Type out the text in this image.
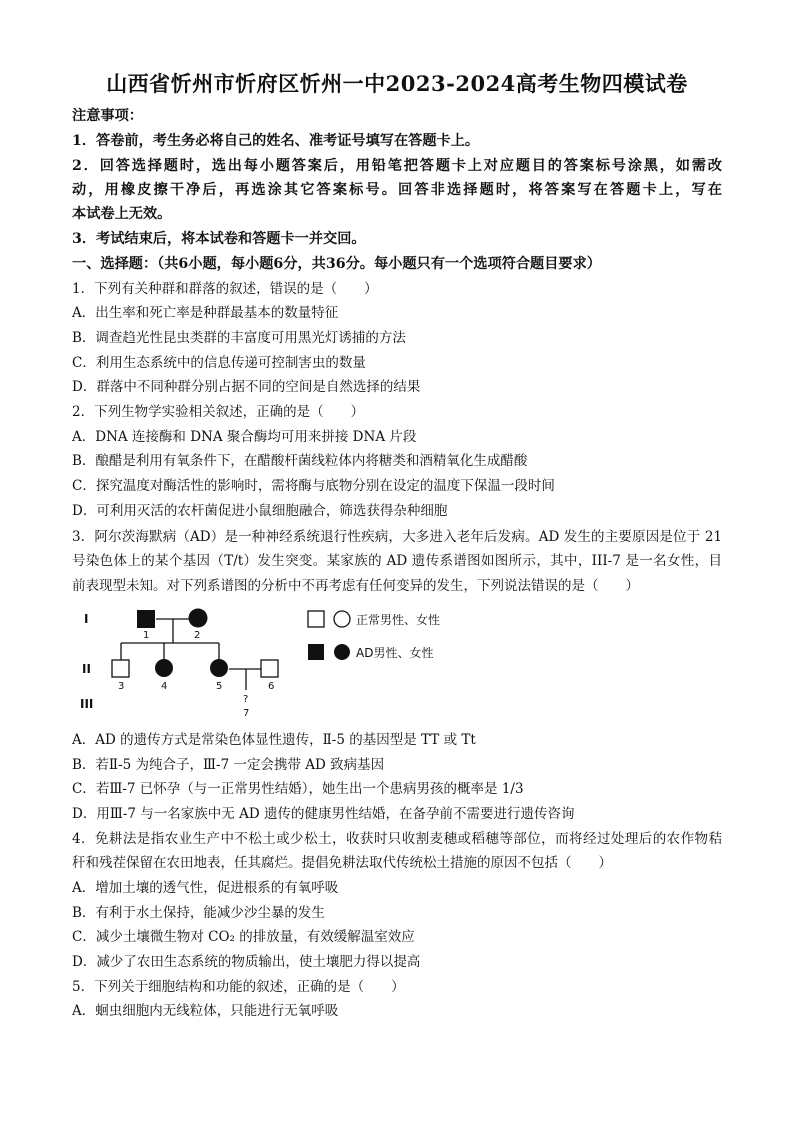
山西省忻州市忻府区忻州一中2023-2024高考生物四模试卷
注意事项：
1．答卷前，考生务必将自己的姓名、准考证号填写在答题卡上。
2．回答选择题时，选出每小题答案后，用铅笔把答题卡上对应题目的答案标号涂黑，如需改
动，用橡皮擦干净后，再选涂其它答案标号。回答非选择题时，将答案写在答题卡上，写在
本试卷上无效。
3．考试结束后，将本试卷和答题卡一并交回。
一、选择题：（共6小题，每小题6分，共36分。每小题只有一个选项符合题目要求）
1．下列有关种群和群落的叙述，错误的是（　　）
A．出生率和死亡率是种群最基本的数量特征
B．调查趋光性昆虫类群的丰富度可用黑光灯诱捕的方法
C．利用生态系统中的信息传递可控制害虫的数量
D．群落中不同种群分别占据不同的空间是自然选择的结果
2．下列生物学实验相关叙述，正确的是（　　）
A．DNA 连接酶和 DNA 聚合酶均可用来拼接 DNA 片段
B．酿醋是利用有氧条件下，在醋酸杆菌线粒体内将糖类和酒精氧化生成醋酸
C．探究温度对酶活性的影响时，需将酶与底物分别在设定的温度下保温一段时间
D．可利用灭活的农杆菌促进小鼠细胞融合，筛选获得杂种细胞
3．阿尔茨海默病（AD）是一种神经系统退行性疾病，大多进入老年后发病。AD 发生的主要原因是位于 21
号染色体上的某个基因（T/t）发生突变。某家族的 AD 遗传系谱图如图所示，其中，III-7 是一名女性，目
前表现型未知。对下列系谱图的分析中不再考虑有任何变异的发生，下列说法错误的是（　　）
I
II
III
1	2
3	4	5	6
?
7
正常男性、女性
AD男性、女性
A．AD 的遗传方式是常染色体显性遗传，Ⅱ-5 的基因型是 TT 或 Tt
B．若Ⅱ-5 为纯合子，Ⅲ-7 一定会携带 AD 致病基因
C．若Ⅲ-7 已怀孕（与一正常男性结婚），她生出一个患病男孩的概率是 1/3
D．用Ⅲ-7 与一名家族中无 AD 遗传的健康男性结婚，在备孕前不需要进行遗传咨询
4．免耕法是指农业生产中不松土或少松土，收获时只收割麦穗或稻穗等部位，而将经过处理后的农作物秸
秆和残茬保留在农田地表，任其腐烂。提倡免耕法取代传统松土措施的原因不包括（　　）
A．增加土壤的透气性，促进根系的有氧呼吸
B．有利于水土保持，能减少沙尘暴的发生
C．减少土壤微生物对 CO₂ 的排放量，有效缓解温室效应
D．减少了农田生态系统的物质输出，使土壤肥力得以提高
5．下列关于细胞结构和功能的叙述，正确的是（　　）
A．蛔虫细胞内无线粒体，只能进行无氧呼吸
